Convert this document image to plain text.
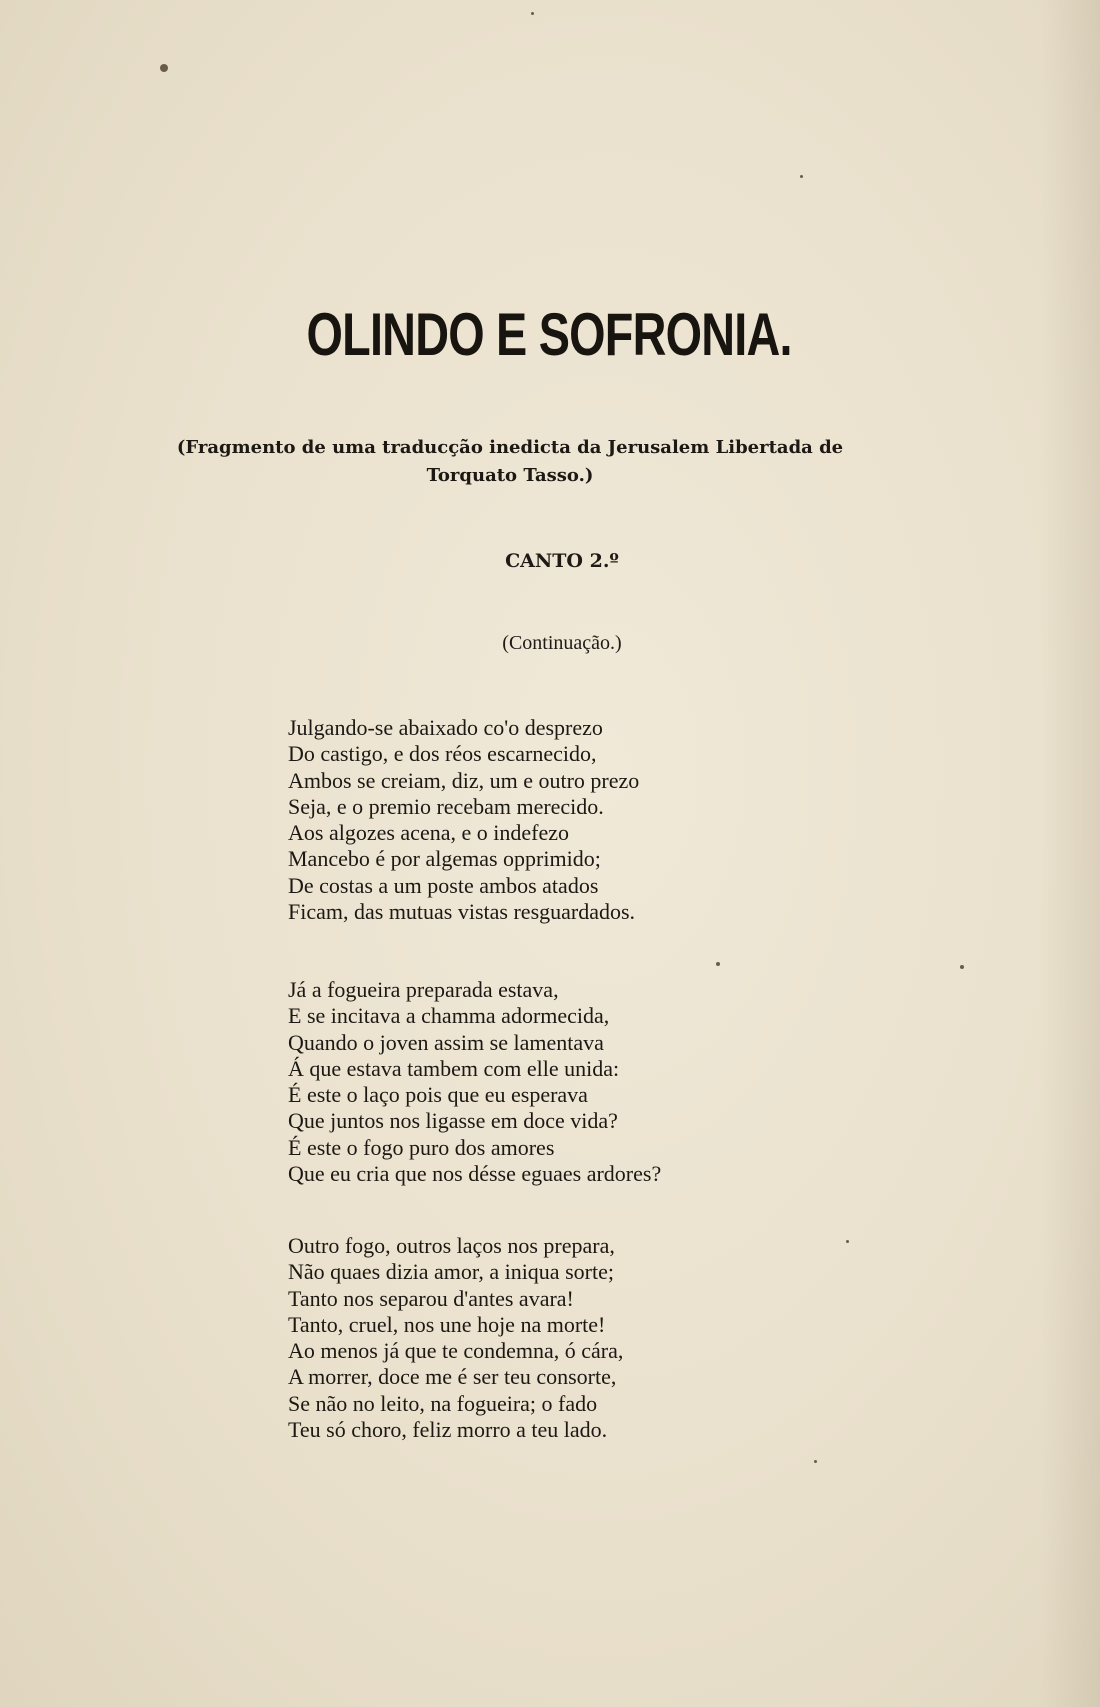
OLINDO E SOFRONIA.
(Fragmento de uma traducção inedicta da Jerusalem Libertada de
Torquato Tasso.)
CANTO 2.º
(Continuação.)
Julgando-se abaixado co'o desprezo
Do castigo, e dos réos escarnecido,
Ambos se creiam, diz, um e outro prezo
Seja, e o premio recebam merecido.
Aos algozes acena, e o indefezo
Mancebo é por algemas opprimido;
De costas a um poste ambos atados
Ficam, das mutuas vistas resguardados.
Já a fogueira preparada estava,
E se incitava a chamma adormecida,
Quando o joven assim se lamentava
Á que estava tambem com elle unida:
É este o laço pois que eu esperava
Que juntos nos ligasse em doce vida?
É este o fogo puro dos amores
Que eu cria que nos désse eguaes ardores?
Outro fogo, outros laços nos prepara,
Não quaes dizia amor, a iniqua sorte;
Tanto nos separou d'antes avara!
Tanto, cruel, nos une hoje na morte!
Ao menos já que te condemna, ó cára,
A morrer, doce me é ser teu consorte,
Se não no leito, na fogueira; o fado
Teu só choro, feliz morro a teu lado.
